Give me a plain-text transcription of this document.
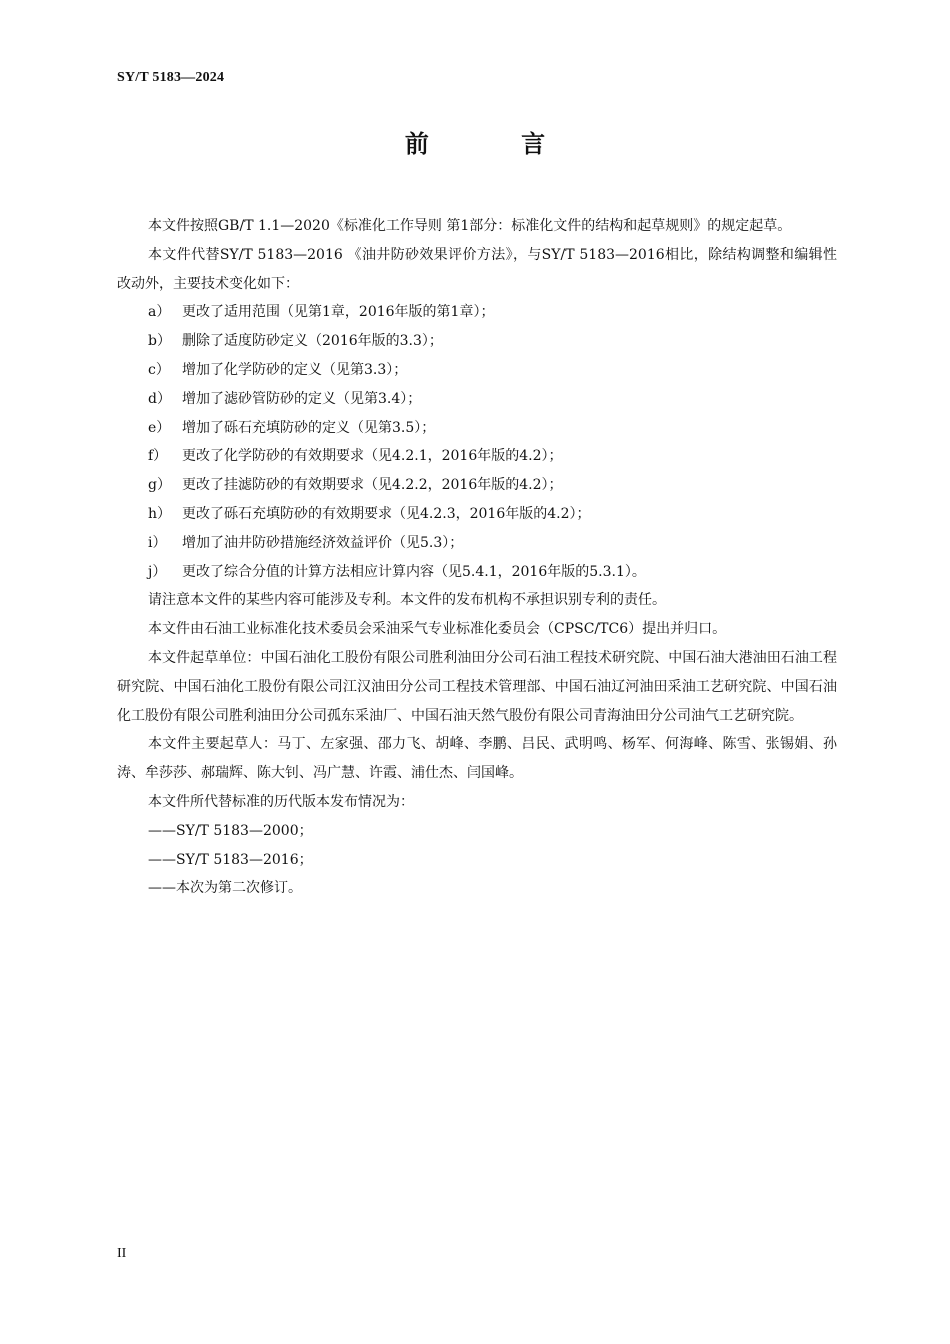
SY/T 5183—2024
前 言

本文件按照GB/T 1.1—2020《标准化工作导则 第1部分：标准化文件的结构和起草规则》的规定起草。

本文件代替SY/T 5183—2016 《油井防砂效果评价方法》，与SY/T 5183—2016相比，除结构调整和编辑性改动外，主要技术变化如下：

a） 更改了适用范围（见第1章，2016年版的第1章）；

b） 删除了适度防砂定义（2016年版的3.3）；

c） 增加了化学防砂的定义（见第3.3）；

d） 增加了滤砂管防砂的定义（见第3.4）；

e） 增加了砾石充填防砂的定义（见第3.5）；

f） 更改了化学防砂的有效期要求（见4.2.1，2016年版的4.2）；

g） 更改了挂滤防砂的有效期要求（见4.2.2，2016年版的4.2）；

h） 更改了砾石充填防砂的有效期要求（见4.2.3，2016年版的4.2）；

i） 增加了油井防砂措施经济效益评价（见5.3）；

j） 更改了综合分值的计算方法相应计算内容（见5.4.1，2016年版的5.3.1）。

请注意本文件的某些内容可能涉及专利。本文件的发布机构不承担识别专利的责任。

本文件由石油工业标准化技术委员会采油采气专业标准化委员会（CPSC/TC6）提出并归口。

本文件起草单位：中国石油化工股份有限公司胜利油田分公司石油工程技术研究院、中国石油大港油田石油工程研究院、中国石油化工股份有限公司江汉油田分公司工程技术管理部、中国石油辽河油田采油工艺研究院、中国石油化工股份有限公司胜利油田分公司孤东采油厂、中国石油天然气股份有限公司青海油田分公司油气工艺研究院。

本文件主要起草人：马丁、左家强、邵力飞、胡峰、李鹏、吕民、武明鸣、杨军、何海峰、陈雪、张锡娟、孙涛、牟莎莎、郝瑞辉、陈大钊、冯广慧、许霞、浦仕杰、闫国峰。

本文件所代替标准的历代版本发布情况为：

——SY/T 5183—2000；

——SY/T 5183—2016；

——本次为第二次修订。

II
